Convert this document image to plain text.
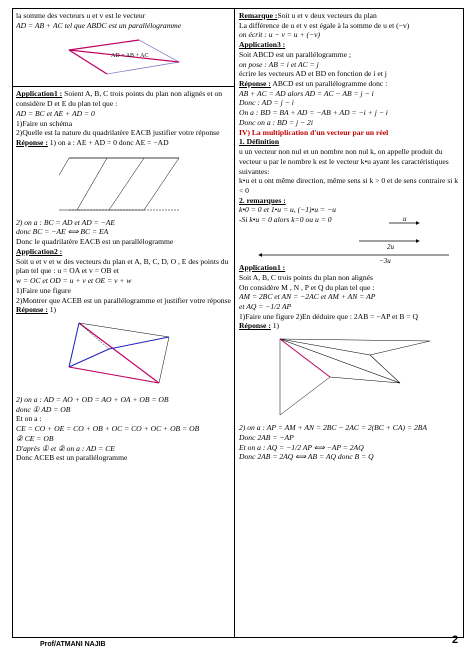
la somme des vecteurs u et v est le vecteur
AD = AB + AC tel que ABDC est un parallélogramme
AD = AB + AC
Application1 : Soient A, B, C trois points du plan non alignés et on considère D et E du plan tel que :
AD = BC et AE + AD = 0
1)Faire un schéma
2)Quelle est la nature du quadrilatère EACB justifier votre réponse
Réponse : 1) on a : AE + AD = 0 donc AE = −AD
2) on a : BC = AD et AD = −AE
donc BC = −AE ⟺ BC = EA
Donc le quadrilatère EACB est un parallélogramme
Application2 :
Soit u et v et w des vecteurs du plan et A, B, C, D, O , E des points du plan tel que : u = OA et v = OB et
w = OC et OD = u + v et OE = v + w
1)Faire une figure
2)Montrer que ACEB est un parallélogramme et justifier votre réponse
Réponse : 1)
2) on a : AD = AO + OD = AO + OA + OB = OB
donc ① AD = OB
Et on a :
CE = CO + OE = CO + OB + OC = CO + OC + OB = OB
② CE = OB
D'après ① et ② on a : AD = CE
Donc ACEB est un parallélogramme
Remarque :Soit u et v deux vecteurs du plan
La différence de u et v est égale à la somme de u et (−v)
on écrit : u − v = u + (−v)
Application3 :
Soit ABCD est un parallélogramme ;
on pose : AB = i et AC = j
écrire les vecteurs AD et BD en fonction de i et j
Réponse : ABCD est un parallélogramme donc :
AB + AC = AD alors AD = AC − AB = j − i
Donc : AD = j − i
On a : BD = BA + AD = −AB + AD = −i + j − i
Donc on a : BD = j − 2i
IV) La multiplication d'un vecteur par un réel
1. Définition
u un vecteur non nul et un nombre non nul k, on appelle produit du vecteur u par le nombre k est le vecteur k•u ayant les caractéristiques suivantes:
k•u et u ont même direction, même sens si k > 0 et de sens contraire si k < 0
2. remarques :
k•0 = 0 et 1•u = u, (−1)•u = −u
-Si k•u = 0 alors k=0 ou u = 0	u
2u
−3u
Application1 :
Soit A, B, C trois points du plan non alignés
On considère M , N , P et Q du plan tel que :
AM = 2BC et AN = −2AC et AM + AN = AP
et AQ = −1/2 AP
1)Faire une figure 2)En déduire que : 2AB = −AP et B = Q
Réponse : 1)
2) on a : AP = AM + AN = 2BC − 2AC = 2(BC + CA) = 2BA
Donc 2AB = −AP
Et on a : AQ = −1/2 AP ⟺ −AP = 2AQ
Donc 2AB = 2AQ ⟺ AB = AQ donc B = Q
Prof/ATMANI NAJIB	2
